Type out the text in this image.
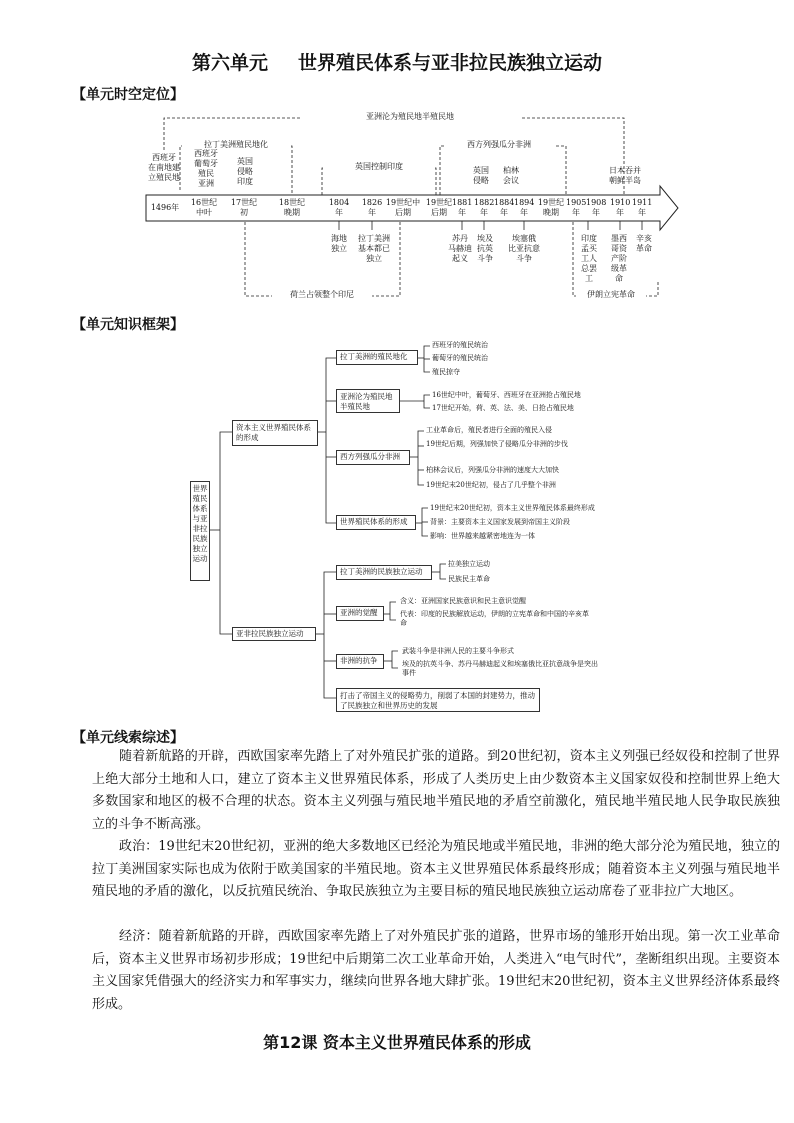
第六单元 世界殖民体系与亚非拉民族独立运动
【单元时空定位】
【单元知识框架】
【单元线索综述】
亚洲沦为殖民地半殖民地
拉丁美洲殖民地化
英国控制印度
西方列强瓜分非洲
西班牙
在南地建
立殖民地
西班牙
葡萄牙
殖民
亚洲
英国
侵略
印度
英国
侵略
柏林
会议
日本吞并
朝鲜半岛
1496年
16世纪
中叶
17世纪
初
18世纪
晚期
1804
年
1826
年
19世纪中
后期
19世纪
后期
1881
年
1882
年
1884
年
1894
年
19世纪
晚期
1905
年
1908
年
1910
年
1911
年
海地
独立
拉丁美洲
基本都已
独立
苏丹
马赫迪
起义
埃及
抗英
斗争
埃塞俄
比亚抗意
斗争
印度
孟买
工人
总罢
工
墨西
哥资
产阶
级革
命
辛亥
革命
伊朗立宪革命
荷兰占领整个印尼
世界殖民体系与亚非拉民族独立运动
资本主义世界殖民体系的形成
亚非拉民族独立运动
拉丁美洲的殖民地化
亚洲沦为殖民地半殖民地
西方列强瓜分非洲
世界殖民体系的形成
西班牙的殖民统治
葡萄牙的殖民统治
殖民掠夺
16世纪中叶，葡萄牙、西班牙在亚洲抢占殖民地
17世纪开始，荷、英、法、美、日抢占殖民地
工业革命后，殖民者进行全面的殖民入侵
19世纪后期，列强加快了侵略瓜分非洲的步伐
柏林会议后，列强瓜分非洲的速度大大加快
19世纪末20世纪初，侵占了几乎整个非洲
19世纪末20世纪初，资本主义世界殖民体系最终形成
背景：主要资本主义国家发展到帝国主义阶段
影响：世界越来越紧密地连为一体
拉丁美洲的民族独立运动
亚洲的觉醒
非洲的抗争
打击了帝国主义的侵略势力，削弱了本国的封建势力，推动了民族独立和世界历史的发展
拉美独立运动
民族民主革命
含义：亚洲国家民族意识和民主意识觉醒
代表：印度的民族解放运动，伊朗的立宪革命和中国的辛亥革命
武装斗争是非洲人民的主要斗争形式
埃及的抗英斗争、苏丹马赫迪起义和埃塞俄比亚抗意战争是突出事件
随着新航路的开辟，西欧国家率先踏上了对外殖民扩张的道路。到20世纪初，资本主义列强已经奴役和控制了世界上绝大部分土地和人口，建立了资本主义世界殖民体系，形成了人类历史上由少数资本主义国家奴役和控制世界上绝大多数国家和地区的极不合理的状态。资本主义列强与殖民地半殖民地的矛盾空前激化，殖民地半殖民地人民争取民族独立的斗争不断高涨。
政治：19世纪末20世纪初，亚洲的绝大多数地区已经沦为殖民地或半殖民地，非洲的绝大部分沦为殖民地，独立的拉丁美洲国家实际也成为依附于欧美国家的半殖民地。资本主义世界殖民体系最终形成；随着资本主义列强与殖民地半殖民地的矛盾的激化，以反抗殖民统治、争取民族独立为主要目标的殖民地民族独立运动席卷了亚非拉广大地区。
经济：随着新航路的开辟，西欧国家率先踏上了对外殖民扩张的道路，世界市场的雏形开始出现。第一次工业革命后，资本主义世界市场初步形成；19世纪中后期第二次工业革命开始，人类进入“电气时代”，垄断组织出现。主要资本主义国家凭借强大的经济实力和军事实力，继续向世界各地大肆扩张。19世纪末20世纪初，资本主义世界经济体系最终形成。
第12课 资本主义世界殖民体系的形成
